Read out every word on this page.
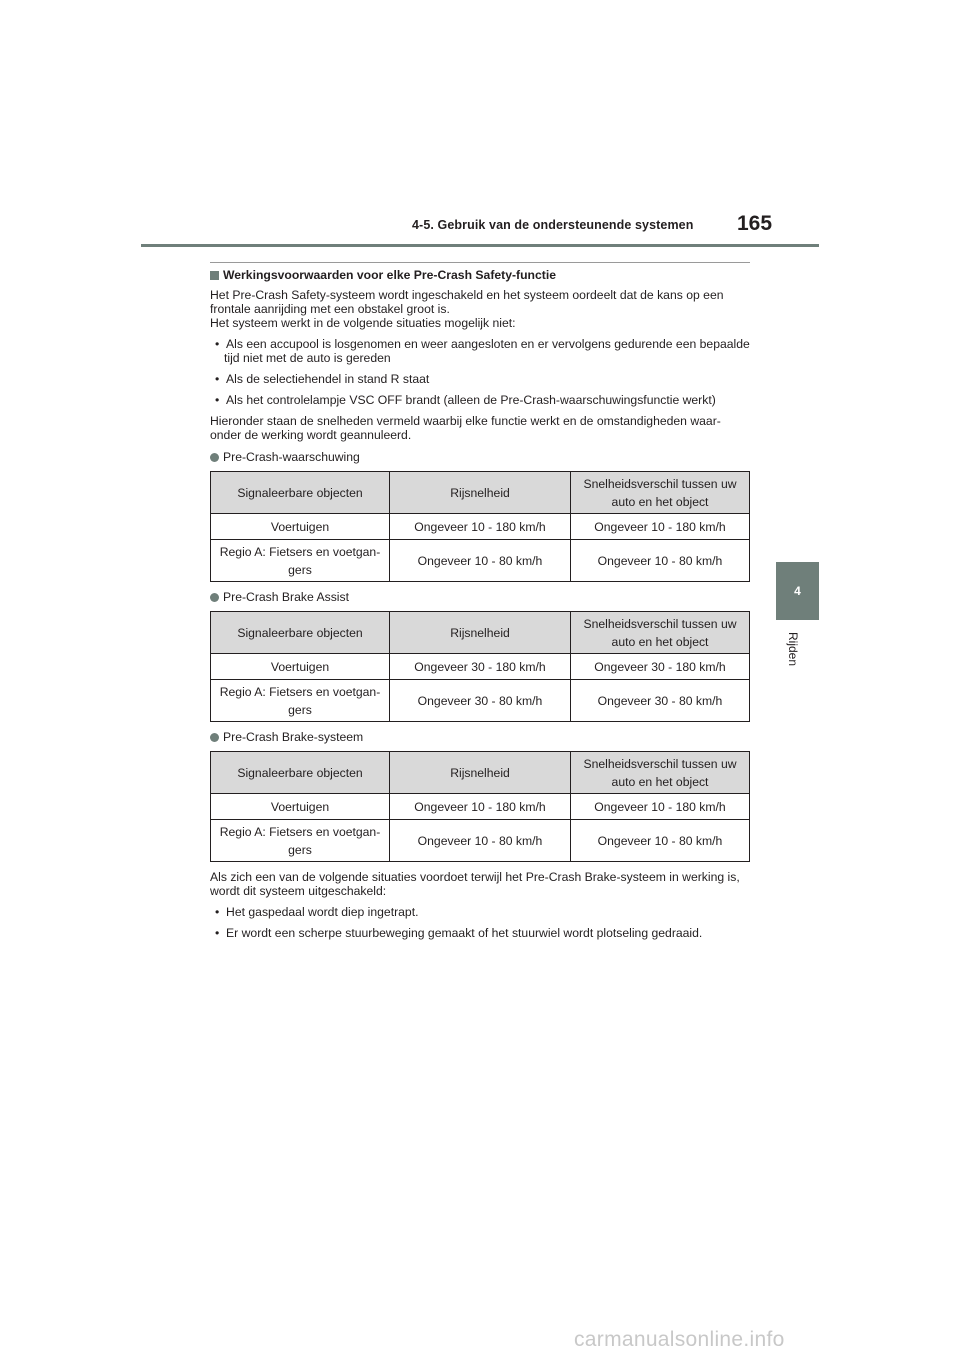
4-5. Gebruik van de ondersteunende systemen 165
4
Rijden
Werkingsvoorwaarden voor elke Pre-Crash Safety-functie

Het Pre-Crash Safety-systeem wordt ingeschakeld en het systeem oordeelt dat de kans op een frontale aanrijding met een obstakel groot is.

Het systeem werkt in de volgende situaties mogelijk niet:

•  Als een accupool is losgenomen en weer aangesloten en er vervolgens gedurende een bepaalde tijd niet met de auto is gereden

•  Als de selectiehendel in stand R staat

•  Als het controlelampje VSC OFF brandt (alleen de Pre-Crash-waarschuwingsfunctie werkt)

Hieronder staan de snelheden vermeld waarbij elke functie werkt en de omstandigheden waar-onder de werking wordt geannuleerd.

Pre-Crash-waarschuwing
Signaleerbare objecten	Rijsnelheid	Snelheidsverschil tussen uw auto en het object
Voertuigen	Ongeveer 10 - 180 km/h	Ongeveer 10 - 180 km/h
Regio A: Fietsers en voetgan-gers	Ongeveer 10 - 80 km/h	Ongeveer 10 - 80 km/h
Pre-Crash Brake Assist
Signaleerbare objecten	Rijsnelheid	Snelheidsverschil tussen uw auto en het object
Voertuigen	Ongeveer 30 - 180 km/h	Ongeveer 30 - 180 km/h
Regio A: Fietsers en voetgan-gers	Ongeveer 30 - 80 km/h	Ongeveer 30 - 80 km/h
Pre-Crash Brake-systeem
Signaleerbare objecten	Rijsnelheid	Snelheidsverschil tussen uw auto en het object
Voertuigen	Ongeveer 10 - 180 km/h	Ongeveer 10 - 180 km/h
Regio A: Fietsers en voetgan-gers	Ongeveer 10 - 80 km/h	Ongeveer 10 - 80 km/h

Als zich een van de volgende situaties voordoet terwijl het Pre-Crash Brake-systeem in werking is, wordt dit systeem uitgeschakeld:

•  Het gaspedaal wordt diep ingetrapt.

•  Er wordt een scherpe stuurbeweging gemaakt of het stuurwiel wordt plotseling gedraaid.

carmanualsonline.info
